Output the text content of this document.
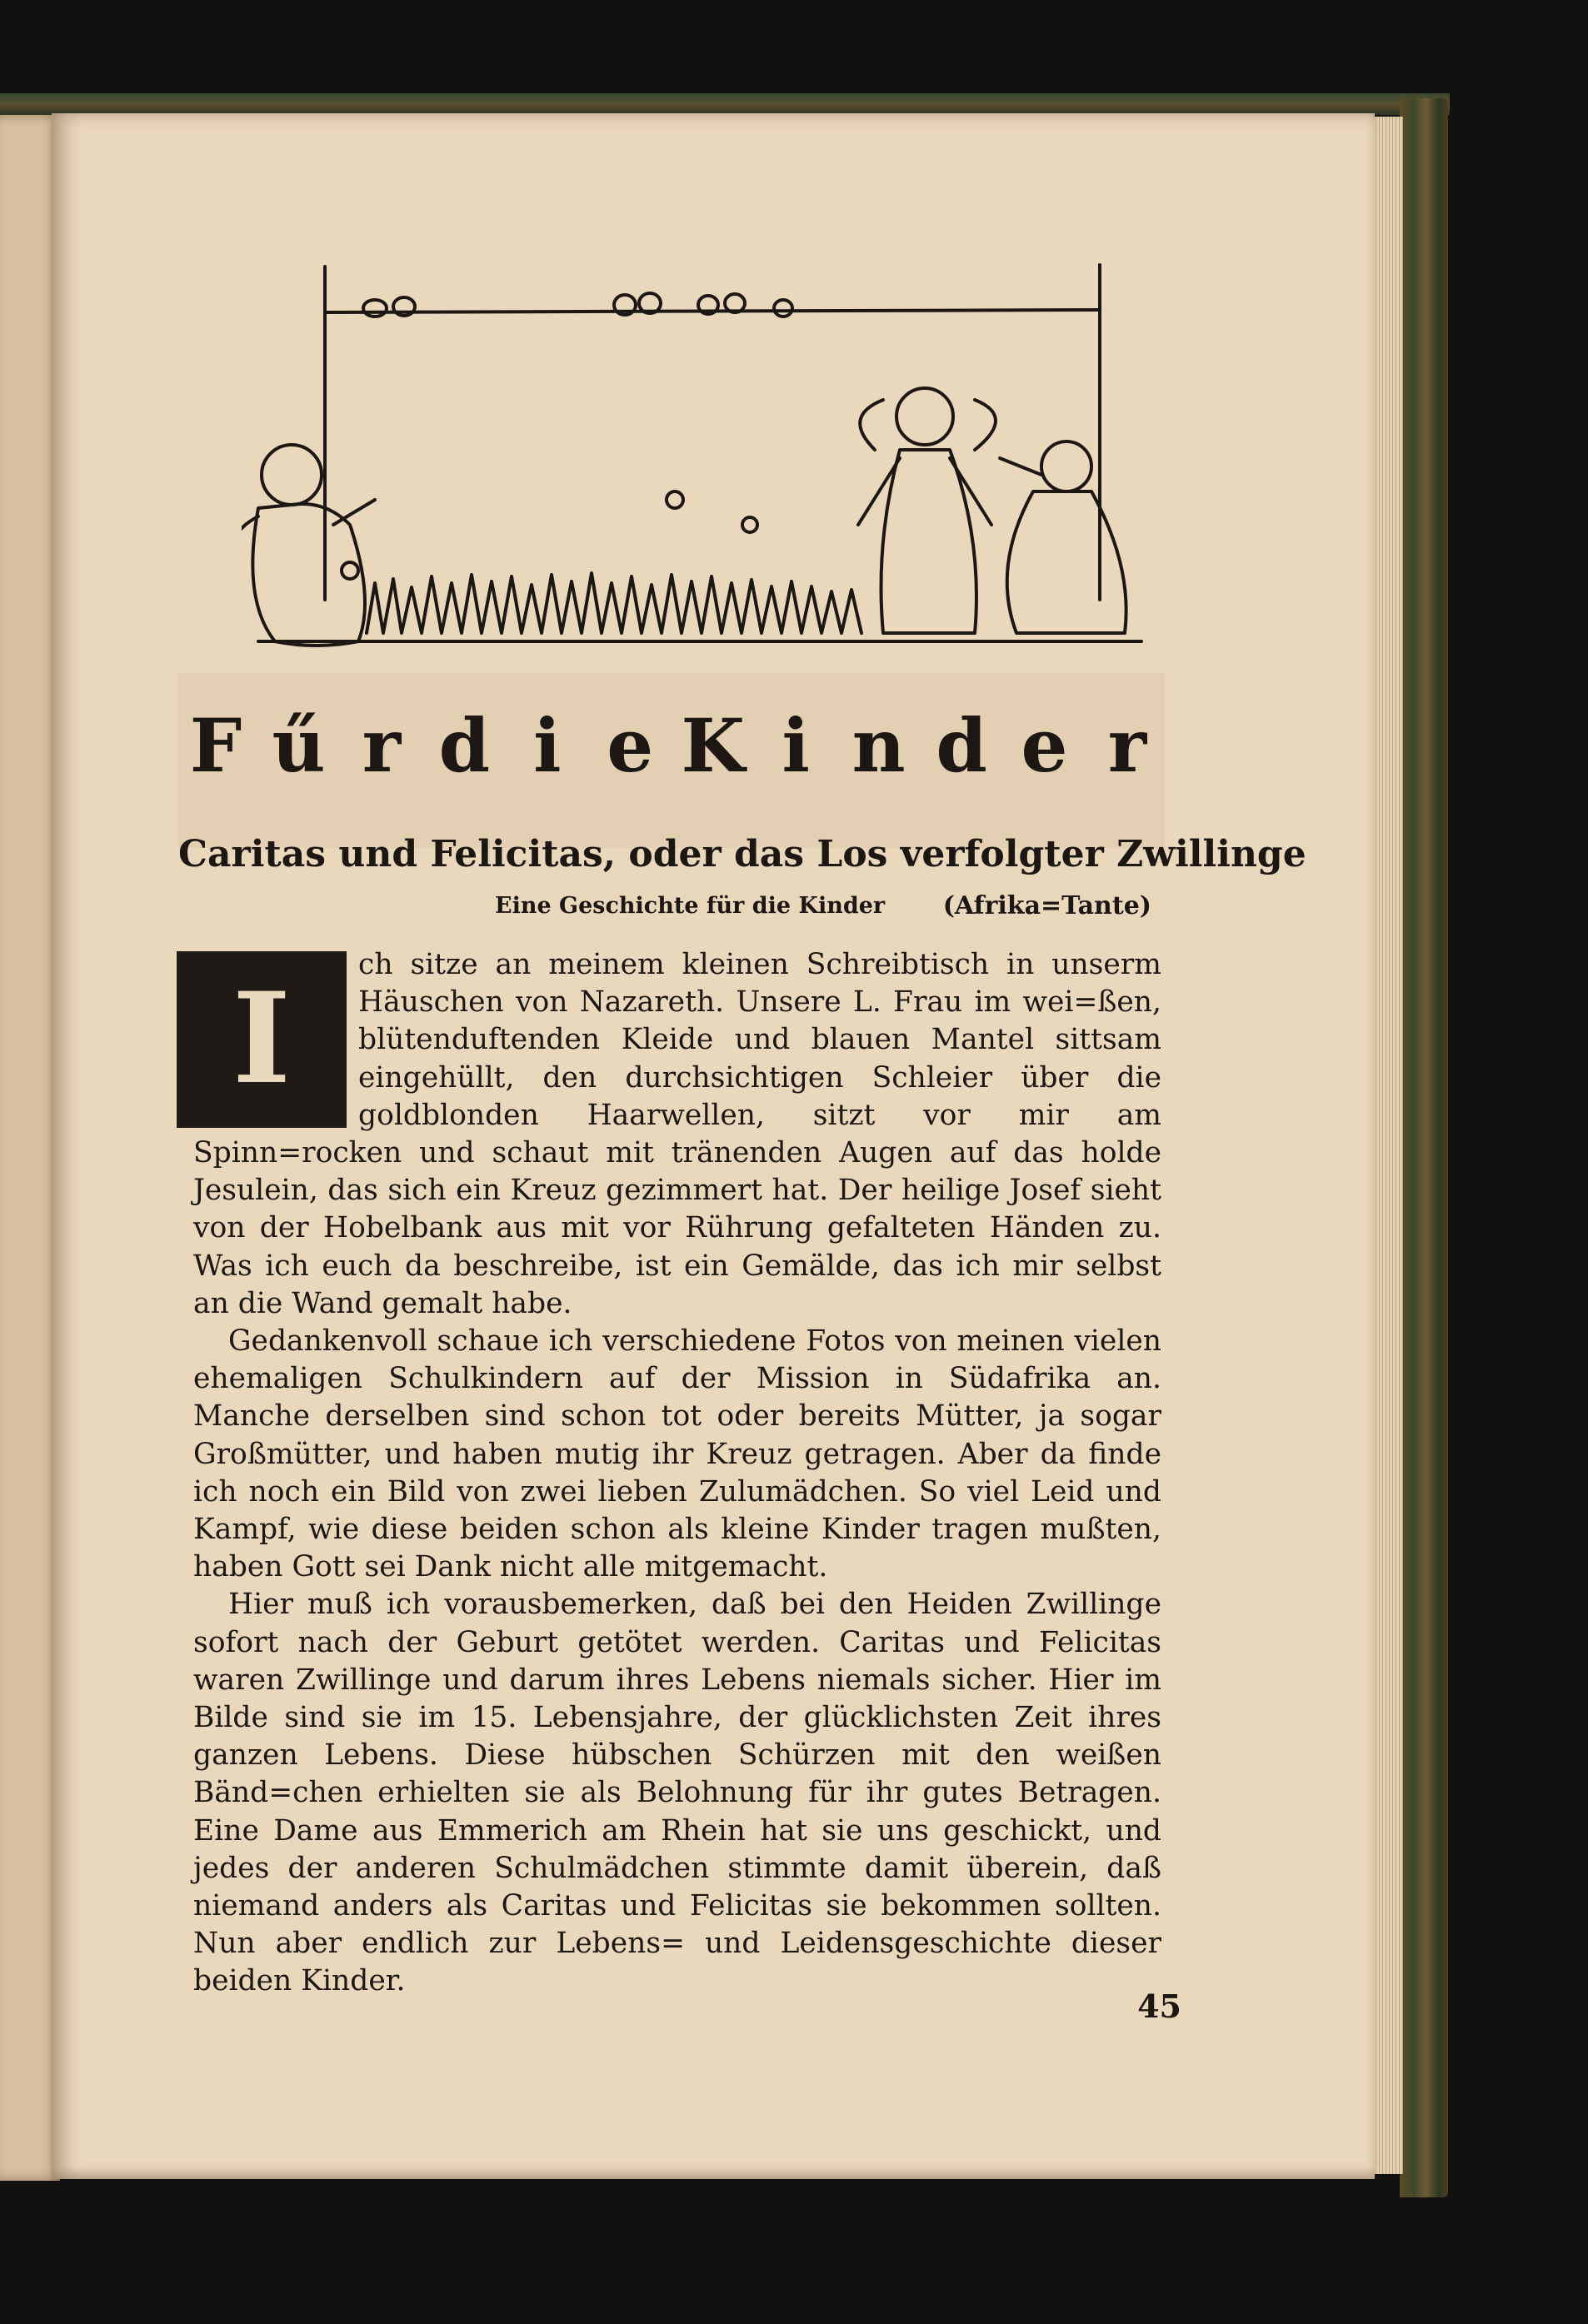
F ű r d i e K i n d e r
Caritas und Felicitas, oder das Los verfolgter Zwillinge
Eine Geschichte für die Kinder (Afrika=Tante)
I

ch sitze an meinem kleinen Schreibtisch in unserm Häuschen von Nazareth. Unsere L. Frau im wei=ßen, blütenduftenden Kleide und blauen Mantel sittsam eingehüllt, den durchsichtigen Schleier über die goldblonden Haarwellen, sitzt vor mir am Spinn=rocken und schaut mit tränenden Augen auf das holde Jesulein, das sich ein Kreuz gezimmert hat. Der heilige Josef sieht von der Hobelbank aus mit vor Rührung gefalteten Händen zu. Was ich euch da beschreibe, ist ein Gemälde, das ich mir selbst an die Wand gemalt habe.

Gedankenvoll schaue ich verschiedene Fotos von meinen vielen ehemaligen Schulkindern auf der Mission in Südafrika an. Manche derselben sind schon tot oder bereits Mütter, ja sogar Großmütter, und haben mutig ihr Kreuz getragen. Aber da finde ich noch ein Bild von zwei lieben Zulumädchen. So viel Leid und Kampf, wie diese beiden schon als kleine Kinder tragen mußten, haben Gott sei Dank nicht alle mitgemacht.

Hier muß ich vorausbemerken, daß bei den Heiden Zwillinge sofort nach der Geburt getötet werden. Caritas und Felicitas waren Zwillinge und darum ihres Lebens niemals sicher. Hier im Bilde sind sie im 15. Lebensjahre, der glücklichsten Zeit ihres ganzen Lebens. Diese hübschen Schürzen mit den weißen Bänd=chen erhielten sie als Belohnung für ihr gutes Betragen. Eine Dame aus Emmerich am Rhein hat sie uns geschickt, und jedes der anderen Schulmädchen stimmte damit überein, daß niemand anders als Caritas und Felicitas sie bekommen sollten. Nun aber endlich zur Lebens= und Leidensgeschichte dieser beiden Kinder.

45
